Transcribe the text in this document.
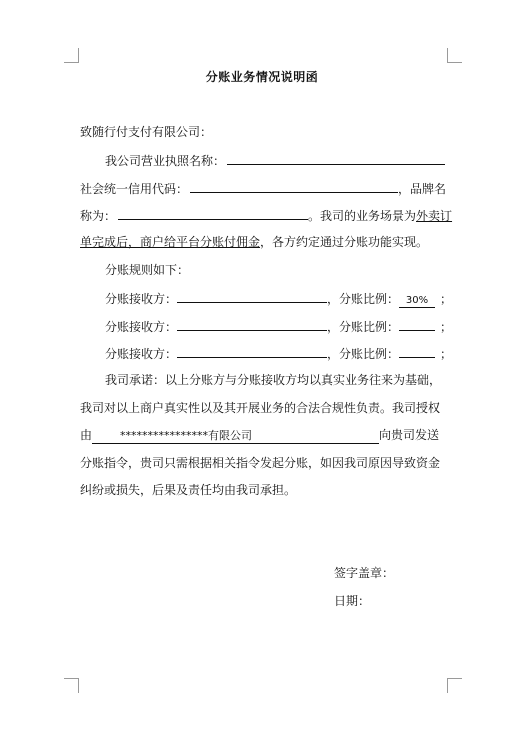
分账业务情况说明函
致随行付支付有限公司：
我公司营业执照名称：
社会统一信用代码：	，品牌名
称为：	。我司的业务场景为外卖订
单完成后，商户给平台分账付佣金，各方约定通过分账功能实现。
分账规则如下：
分账接收方：	，分账比例： 30% ；
分账接收方：	，分账比例：	；
分账接收方：	，分账比例：	；
我司承诺：以上分账方与分账接收方均以真实业务往来为基础，
我司对以上商户真实性以及其开展业务的合法合规性负责。我司授权
由	****************有限公司	向贵司发送
分账指令，贵司只需根据相关指令发起分账，如因我司原因导致资金
纠纷或损失，后果及责任均由我司承担。
签字盖章：
日期：
